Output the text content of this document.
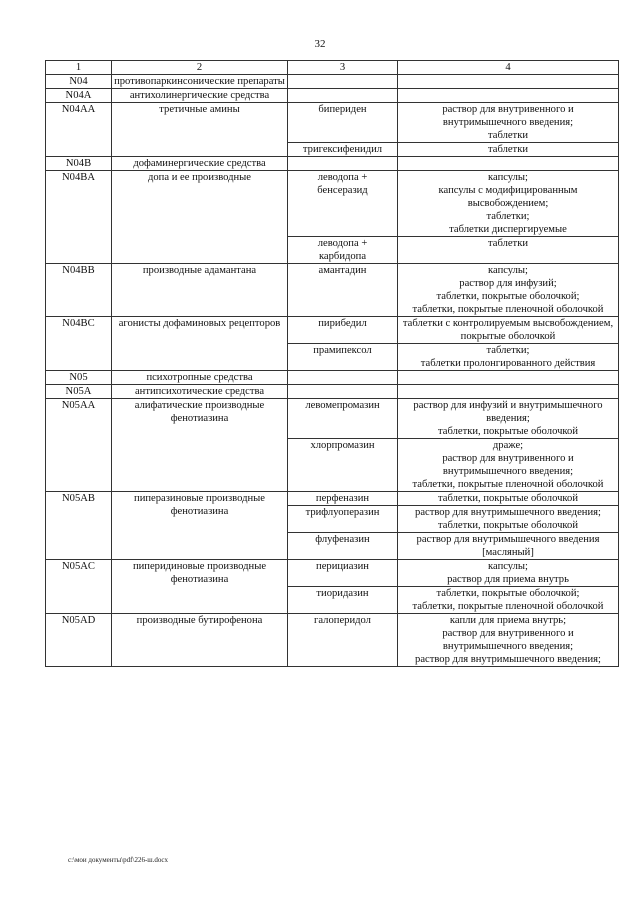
32
1	2	3	4
N04	противопаркинсонические препараты		
N04A	антихолинергические средства		
N04AA	третичные амины	бипериден	раствор для внутривенного и внутримышечного введения;
таблетки
		тригексифенидил	таблетки
N04B	дофаминергические средства		
N04BA	допа и ее производные	леводопа +
бенсеразид	капсулы;
капсулы с модифицированным высвобождением;
таблетки;
таблетки диспергируемые
		леводопа +
карбидопа	таблетки
N04BB	производные адамантана	амантадин	капсулы;
раствор для инфузий;
таблетки, покрытые оболочкой;
таблетки, покрытые пленочной оболочкой
N04BC	агонисты дофаминовых рецепторов	пирибедил	таблетки с контролируемым высвобождением, покрытые оболочкой
		прамипексол	таблетки;
таблетки пролонгированного действия
N05	психотропные средства		
N05A	антипсихотические средства		
N05AA	алифатические производные фенотиазина	левомепромазин	раствор для инфузий и внутримышечного введения;
таблетки, покрытые оболочкой
		хлорпромазин	драже;
раствор для внутривенного и внутримышечного введения;
таблетки, покрытые пленочной оболочкой
N05AB	пиперазиновые производные фенотиазина	перфеназин	таблетки, покрытые оболочкой
		трифлуоперазин	раствор для внутримышечного введения;
таблетки, покрытые оболочкой
		флуфеназин	раствор для внутримышечного введения [масляный]
N05AC	пиперидиновые производные фенотиазина	перициазин	капсулы;
раствор для приема внутрь
		тиоридазин	таблетки, покрытые оболочкой;
таблетки, покрытые пленочной оболочкой
N05AD	производные бутирофенона	галоперидол	капли для приема внутрь;
раствор для внутривенного и внутримышечного введения;
раствор для внутримышечного введения;
c:\мои документы\pdf\226-ш.docx
